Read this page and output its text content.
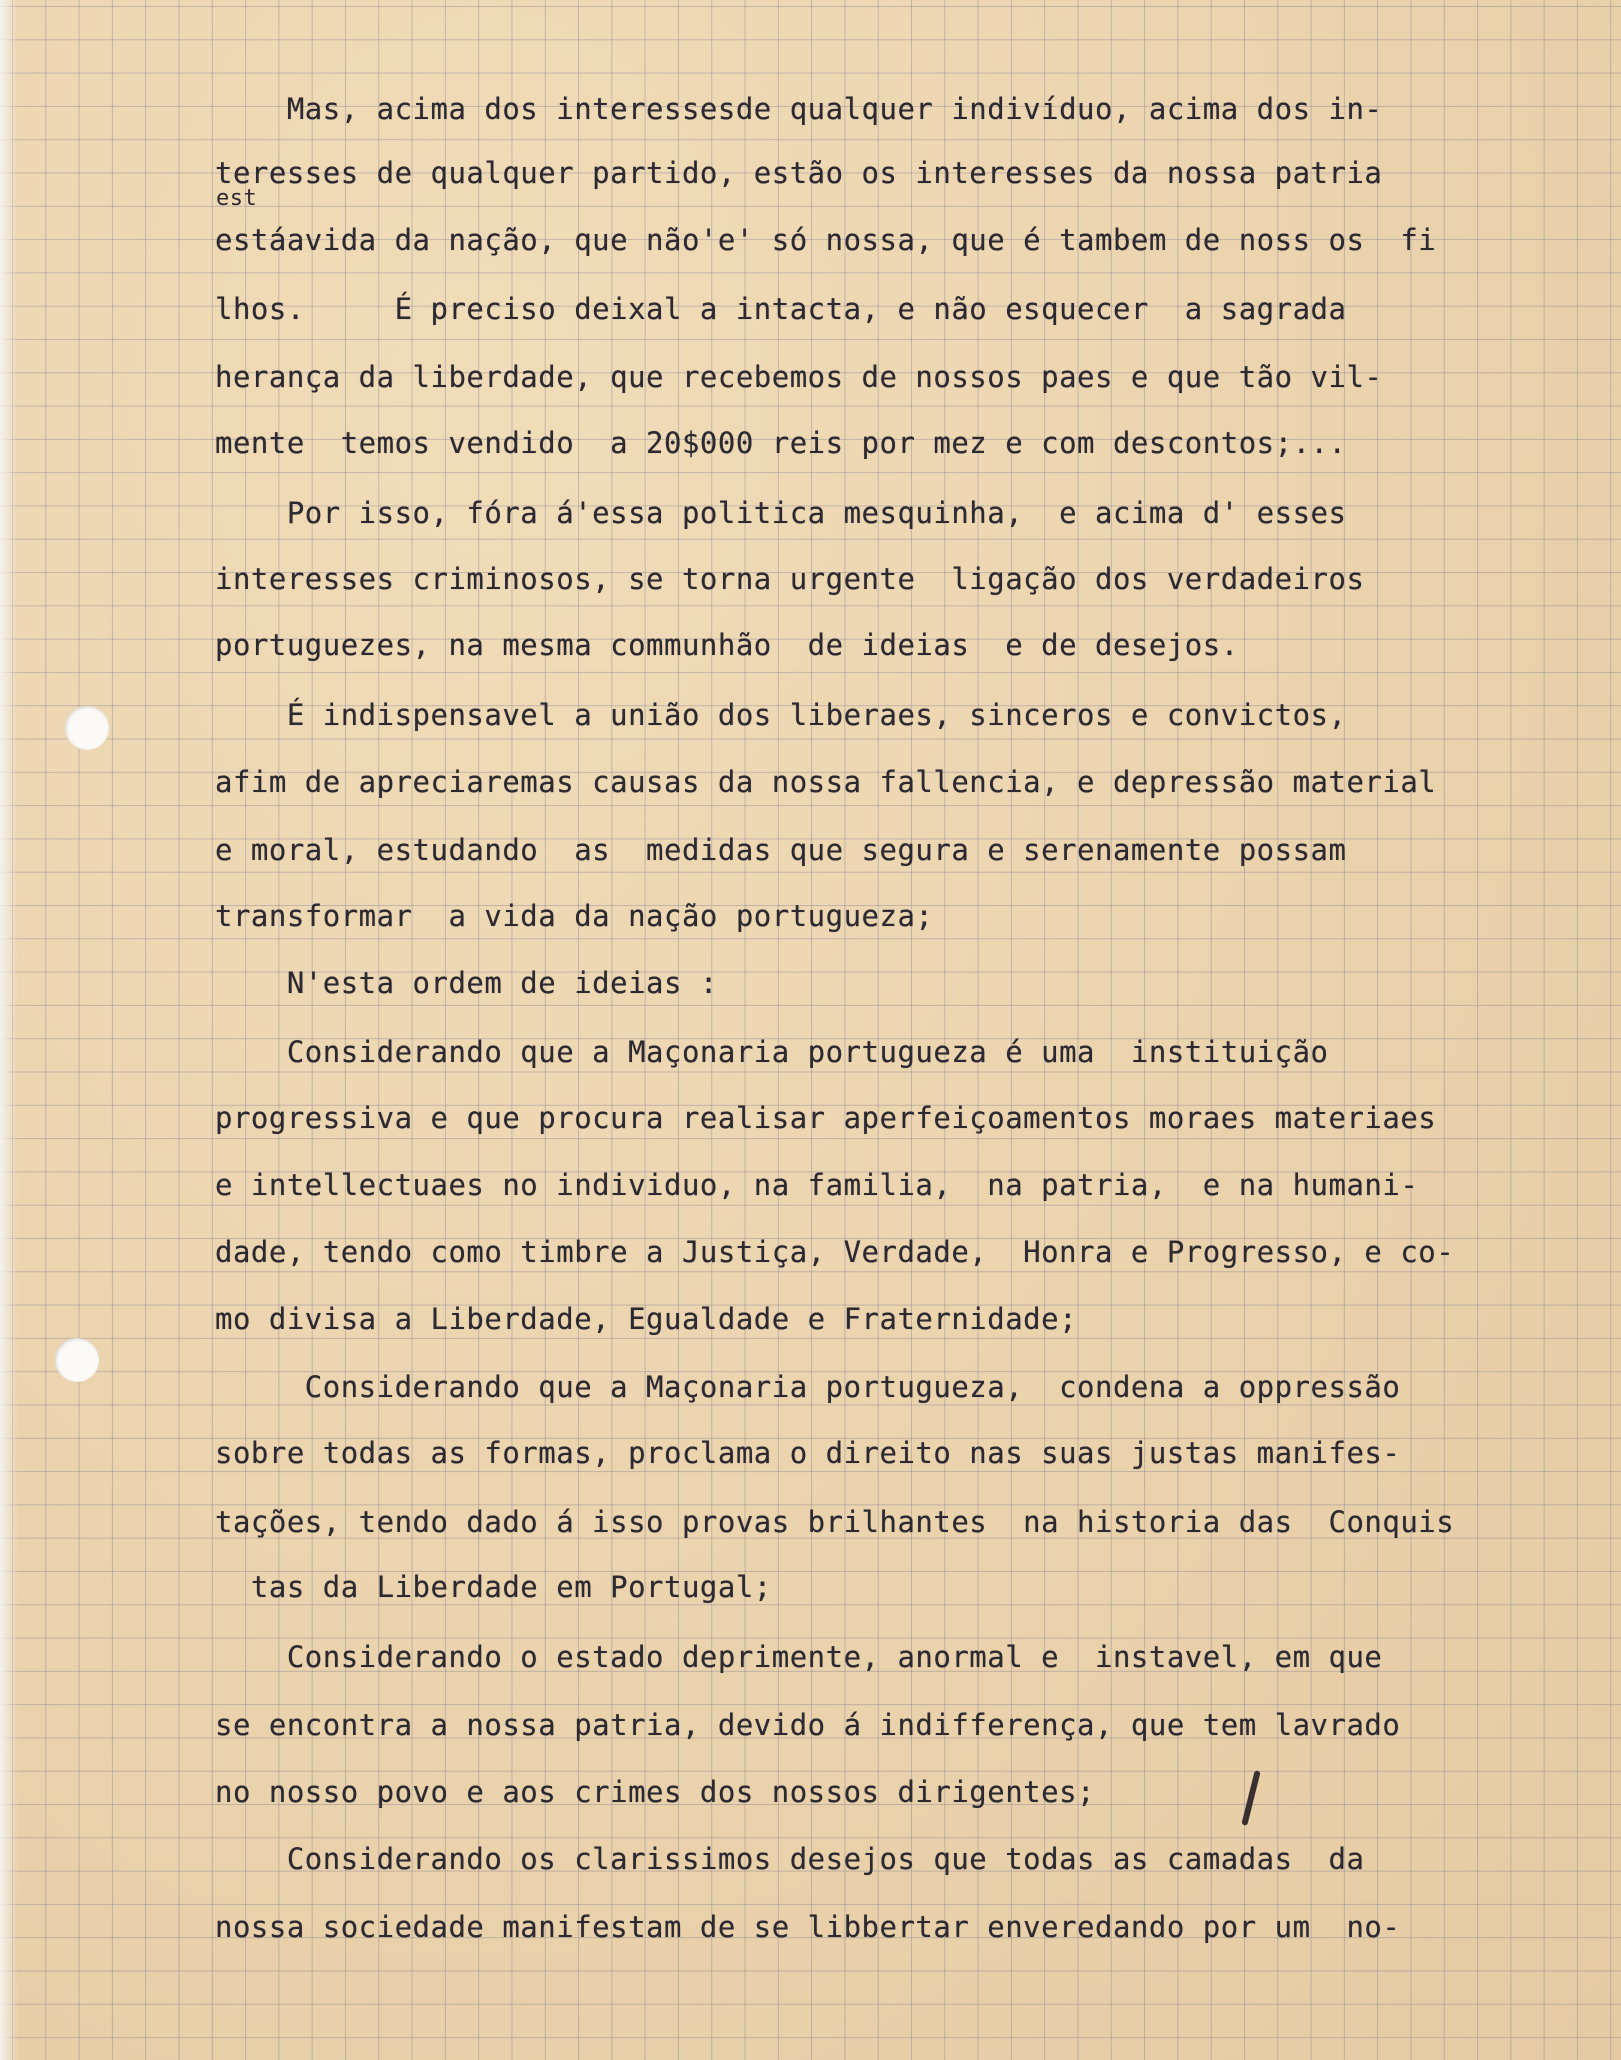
est
Mas, acima dos interessesde qualquer indivíduo, acima dos in-
teresses de qualquer partido, estão os interesses da nossa patria
estáavida da nação, que não'e' só nossa, que é tambem de noss os  fi
lhos.     É preciso deixal a intacta, e não esquecer  a sagrada
herança da liberdade, que recebemos de nossos paes e que tão vil-
mente  temos vendido  a 20$000 reis por mez e com descontos;...
Por isso, fóra á'essa politica mesquinha,  e acima d' esses
interesses criminosos, se torna urgente  ligação dos verdadeiros
portuguezes, na mesma communhão  de ideias  e de desejos.
É indispensavel a união dos liberaes, sinceros e convictos,
afim de apreciaremas causas da nossa fallencia, e depressão material
e moral, estudando  as  medidas que segura e serenamente possam
transformar  a vida da nação portugueza;
N'esta ordem de ideias :
Considerando que a Maçonaria portugueza é uma  instituição
progressiva e que procura realisar aperfeiçoamentos moraes materiaes
e intellectuaes no individuo, na familia,  na patria,  e na humani-
dade, tendo como timbre a Justiça, Verdade,  Honra e Progresso, e co-
mo divisa a Liberdade, Egualdade e Fraternidade;
Considerando que a Maçonaria portugueza,  condena a oppressão
sobre todas as formas, proclama o direito nas suas justas manifes-
tações, tendo dado á isso provas brilhantes  na historia das  Conquis
tas da Liberdade em Portugal;
Considerando o estado deprimente, anormal e  instavel, em que
se encontra a nossa patria, devido á indifferença, que tem lavrado
no nosso povo e aos crimes dos nossos dirigentes;
Considerando os clarissimos desejos que todas as camadas  da
nossa sociedade manifestam de se libbertar enveredando por um  no-
